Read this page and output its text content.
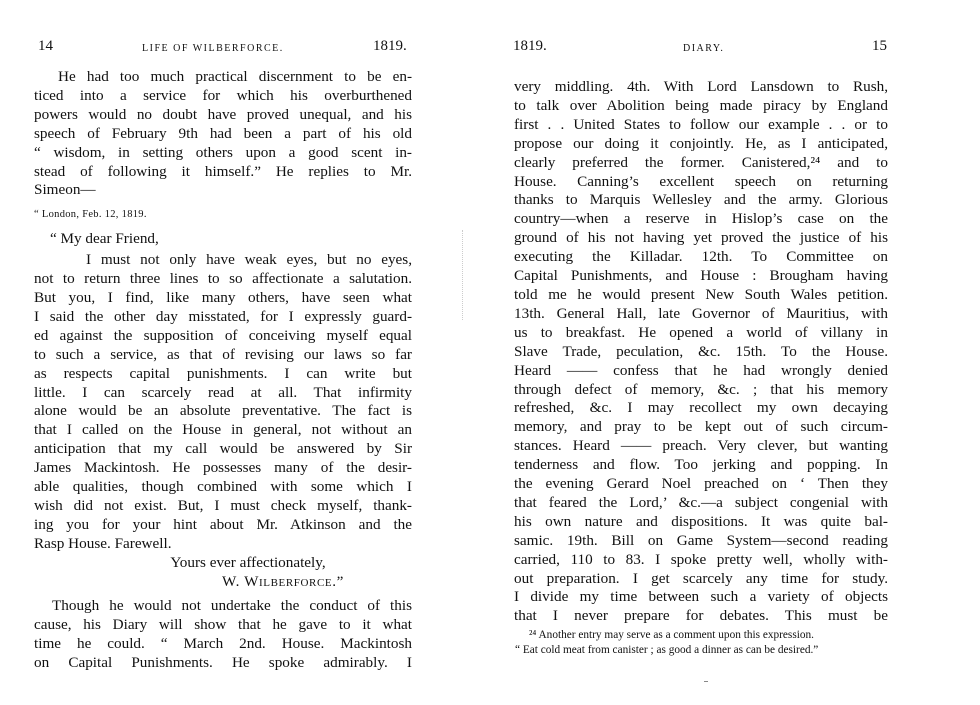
14	LIFE OF WILBERFORCE.	1819.

He had too much practical discernment to be en-
ticed into a service for which his overburthened
powers would no doubt have proved unequal, and his
speech of February 9th had been a part of his old
“ wisdom, in setting others upon a good scent in-
stead of following it himself.” He replies to Mr.
Simeon—

“ London, Feb. 12, 1819.

“ My dear Friend,

I must not only have weak eyes, but no eyes,
not to return three lines to so affectionate a salutation.
But you, I find, like many others, have seen what
I said the other day misstated, for I expressly guard-
ed against the supposition of conceiving myself equal
to such a service, as that of revising our laws so far
as respects capital punishments. I can write but
little. I can scarcely read at all. That infirmity
alone would be an absolute preventative. The fact is
that I called on the House in general, not without an
anticipation that my call would be answered by Sir
James Mackintosh. He possesses many of the desir-
able qualities, though combined with some which I
wish did not exist. But, I must check myself, thank-
ing you for your hint about Mr. Atkinson and the
Rasp House. Farewell.

Yours ever affectionately,

W. Wilberforce.”

Though he would not undertake the conduct of this
cause, his Diary will show that he gave to it what
time he could. “ March 2nd. House. Mackintosh
on Capital Punishments. He spoke admirably. I

1819.	DIARY.	15

very middling. 4th. With Lord Lansdown to Rush,
to talk over Abolition being made piracy by England
first . . United States to follow our example . . or to
propose our doing it conjointly. He, as I anticipated,
clearly preferred the former. Canistered,²⁴ and to
House. Canning’s excellent speech on returning
thanks to Marquis Wellesley and the army. Glorious
country—when a reserve in Hislop’s case on the
ground of his not having yet proved the justice of his
executing the Killadar. 12th. To Committee on
Capital Punishments, and House : Brougham having
told me he would present New South Wales petition.
13th. General Hall, late Governor of Mauritius, with
us to breakfast. He opened a world of villany in
Slave Trade, peculation, &c. 15th. To the House.
Heard —— confess that he had wrongly denied
through defect of memory, &c. ; that his memory
refreshed, &c. I may recollect my own decaying
memory, and pray to be kept out of such circum-
stances. Heard —— preach. Very clever, but wanting
tenderness and flow. Too jerking and popping. In
the evening Gerard Noel preached on ‘ Then they
that feared the Lord,’ &c.—a subject congenial with
his own nature and dispositions. It was quite bal-
samic. 19th. Bill on Game System—second reading
carried, 110 to 83. I spoke pretty well, wholly with-
out preparation. I get scarcely any time for study.
I divide my time between such a variety of objects
that I never prepare for debates. This must be

²⁴ Another entry may serve as a comment upon this expression.

“ Eat cold meat from canister ; as good a dinner as can be desired.”
